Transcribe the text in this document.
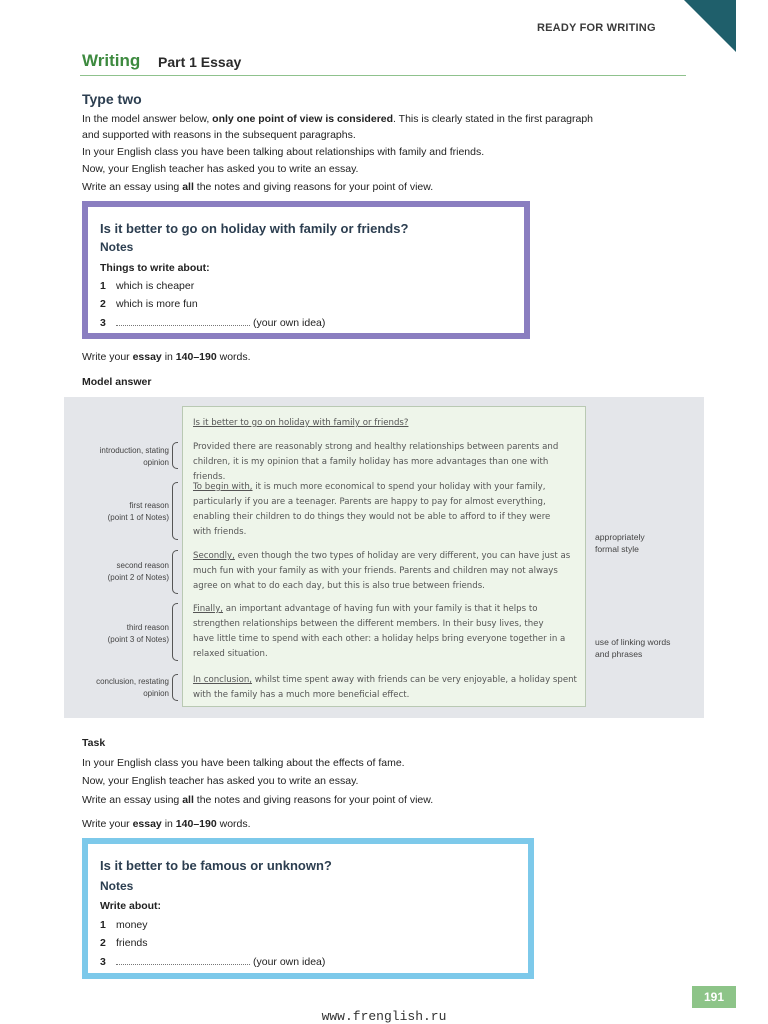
READY FOR WRITING
Writing Part 1 Essay
Type two
In the model answer below, only one point of view is considered. This is clearly stated in the first paragraph
and supported with reasons in the subsequent paragraphs.
In your English class you have been talking about relationships with family and friends.
Now, your English teacher has asked you to write an essay.
Write an essay using all the notes and giving reasons for your point of view.
Is it better to go on holiday with family or friends?
Notes
Things to write about:
1 which is cheaper
2 which is more fun
3	(your own idea)
Write your essay in 140–190 words.
Model answer
Is it better to go on holiday with family or friends?
Provided there are reasonably strong and healthy relationships between parents and
children, it is my opinion that a family holiday has more advantages than one with friends.
To begin with, it is much more economical to spend your holiday with your family,
particularly if you are a teenager. Parents are happy to pay for almost everything,
enabling their children to do things they would not be able to afford to if they were
with friends.
Secondly, even though the two types of holiday are very different, you can have just as
much fun with your family as with your friends. Parents and children may not always
agree on what to do each day, but this is also true between friends.
Finally, an important advantage of having fun with your family is that it helps to
strengthen relationships between the different members. In their busy lives, they
have little time to spend with each other: a holiday helps bring everyone together in a
relaxed situation.
In conclusion, whilst time spent away with friends can be very enjoyable, a holiday spent
with the family has a much more beneficial effect.
introduction, stating
opinion
first reason
(point 1 of Notes)
second reason
(point 2 of Notes)
third reason
(point 3 of Notes)
conclusion, restating
opinion
appropriately
formal style
use of linking words
and phrases
Task
In your English class you have been talking about the effects of fame.
Now, your English teacher has asked you to write an essay.
Write an essay using all the notes and giving reasons for your point of view.
Write your essay in 140–190 words.
Is it better to be famous or unknown?
Notes
Write about:
1 money
2 friends
3	(your own idea)
191
www.frenglish.ru
